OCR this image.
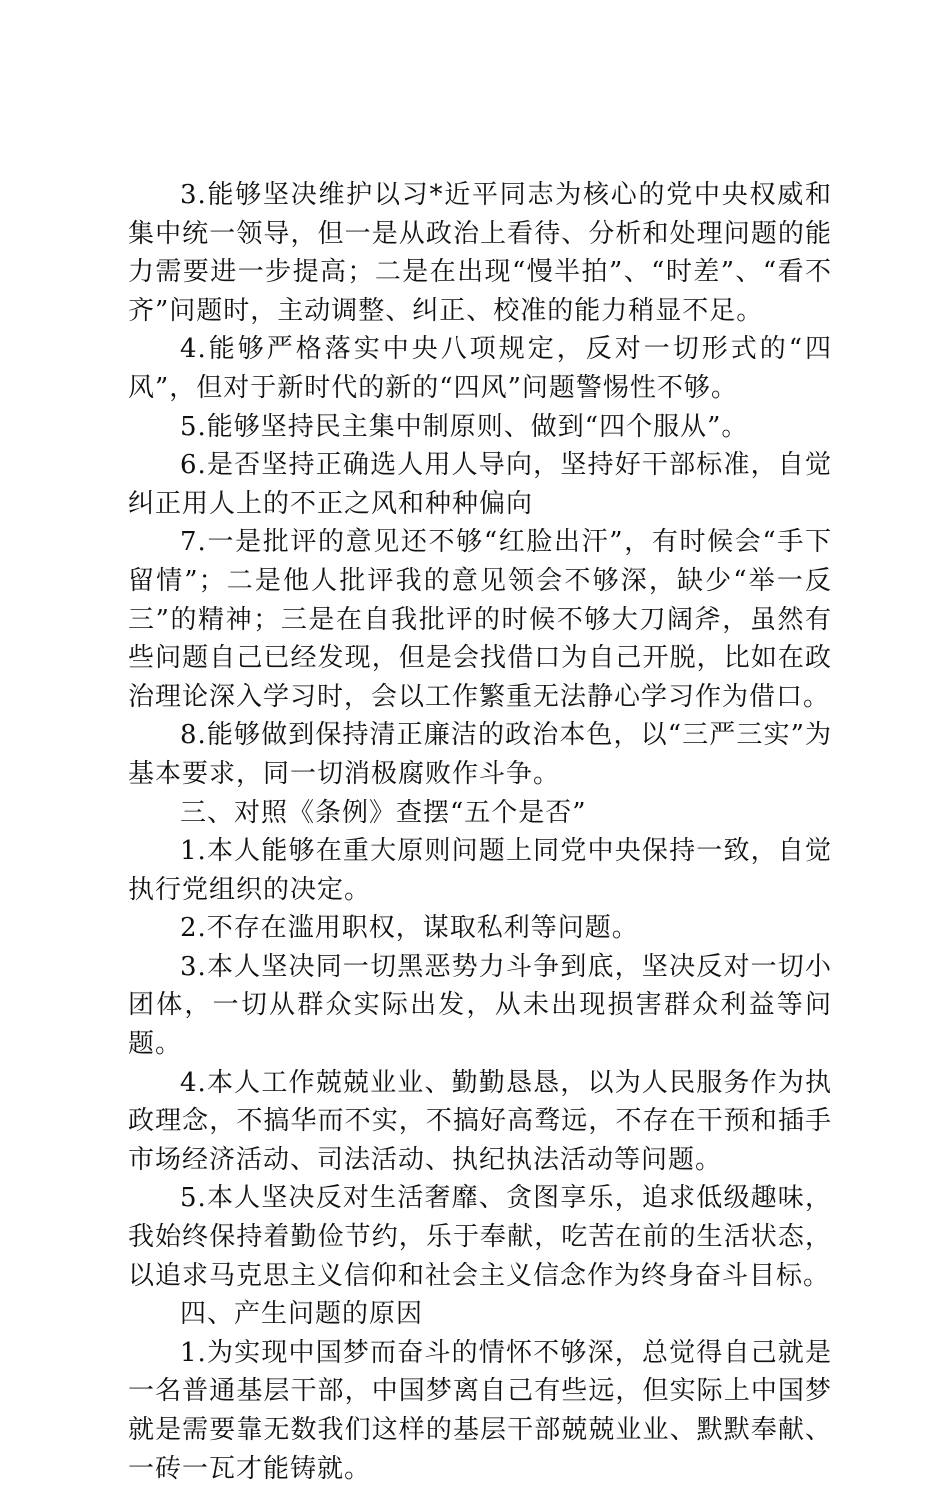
3.能够坚决维护以习*近平同志为核心的党中央权威和集中统一领导，但一是从政治上看待、分析和处理问题的能力需要进一步提高；二是在出现“慢半拍”、“时差”、“看不齐”问题时，主动调整、纠正、校准的能力稍显不足。

4.能够严格落实中央八项规定，反对一切形式的“四风”，但对于新时代的新的“四风”问题警惕性不够。

5.能够坚持民主集中制原则、做到“四个服从”。

6.是否坚持正确选人用人导向，坚持好干部标准，自觉纠正用人上的不正之风和种种偏向

7.一是批评的意见还不够“红脸出汗”，有时候会“手下留情”；二是他人批评我的意见领会不够深，缺少“举一反三”的精神；三是在自我批评的时候不够大刀阔斧，虽然有些问题自己已经发现，但是会找借口为自己开脱，比如在政治理论深入学习时，会以工作繁重无法静心学习作为借口。

8.能够做到保持清正廉洁的政治本色，以“三严三实”为基本要求，同一切消极腐败作斗争。

三、对照《条例》查摆“五个是否”

1.本人能够在重大原则问题上同党中央保持一致，自觉执行党组织的决定。

2.不存在滥用职权，谋取私利等问题。

3.本人坚决同一切黑恶势力斗争到底，坚决反对一切小团体，一切从群众实际出发，从未出现损害群众利益等问题。

4.本人工作兢兢业业、勤勤恳恳，以为人民服务作为执政理念，不搞华而不实，不搞好高骛远，不存在干预和插手市场经济活动、司法活动、执纪执法活动等问题。

5.本人坚决反对生活奢靡、贪图享乐，追求低级趣味，我始终保持着勤俭节约，乐于奉献，吃苦在前的生活状态，以追求马克思主义信仰和社会主义信念作为终身奋斗目标。

四、产生问题的原因

1.为实现中国梦而奋斗的情怀不够深，总觉得自己就是一名普通基层干部，中国梦离自己有些远，但实际上中国梦就是需要靠无数我们这样的基层干部兢兢业业、默默奉献、一砖一瓦才能铸就。
